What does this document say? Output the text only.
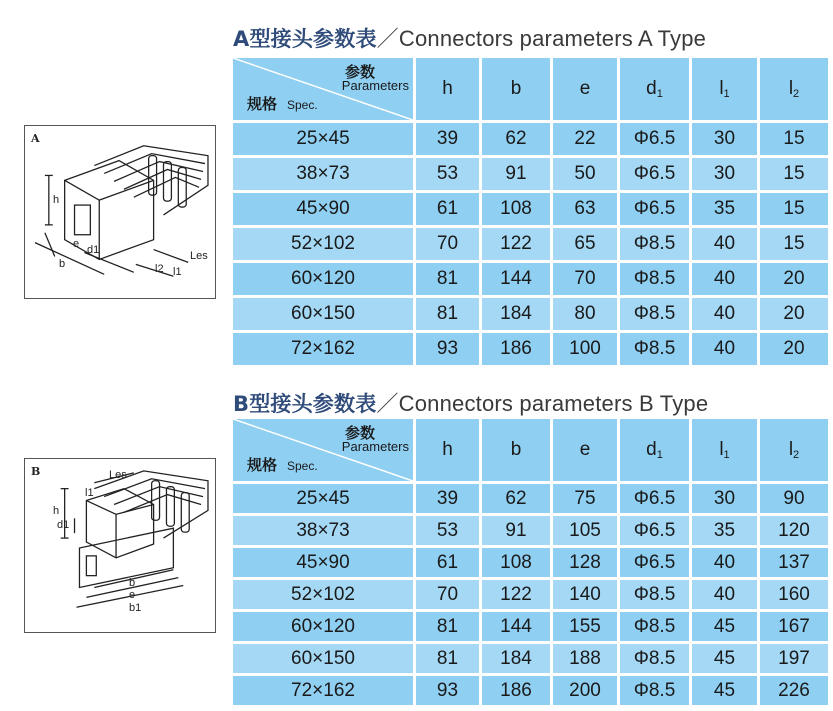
A型接头参数表／Connectors parameters A Type
A
h
e d1
b	l2 l1
Les
参数
Parameters
规格 Spec.	h	b	e	$d_1$	$l_1$	$l_2$
25×45	39	62	22	Φ6.5	30	15
38×73	53	91	50	Φ6.5	30	15
45×90	61	108	63	Φ6.5	35	15
52×102	70	122	65	Φ8.5	40	15
60×120	81	144	70	Φ8.5	40	20
60×150	81	184	80	Φ8.5	40	20
72×162	93	186	100	Φ8.5	40	20
B型接头参数表／Connectors parameters B Type
B	Les
l1
h
d1
b
e
b1
参数
Parameters
规格 Spec.	h	b	e	$d_1$	$l_1$	$l_2$
25×45	39	62	75	Φ6.5	30	90
38×73	53	91	105	Φ6.5	35	120
45×90	61	108	128	Φ6.5	40	137
52×102	70	122	140	Φ8.5	40	160
60×120	81	144	155	Φ8.5	45	167
60×150	81	184	188	Φ8.5	45	197
72×162	93	186	200	Φ8.5	45	226
